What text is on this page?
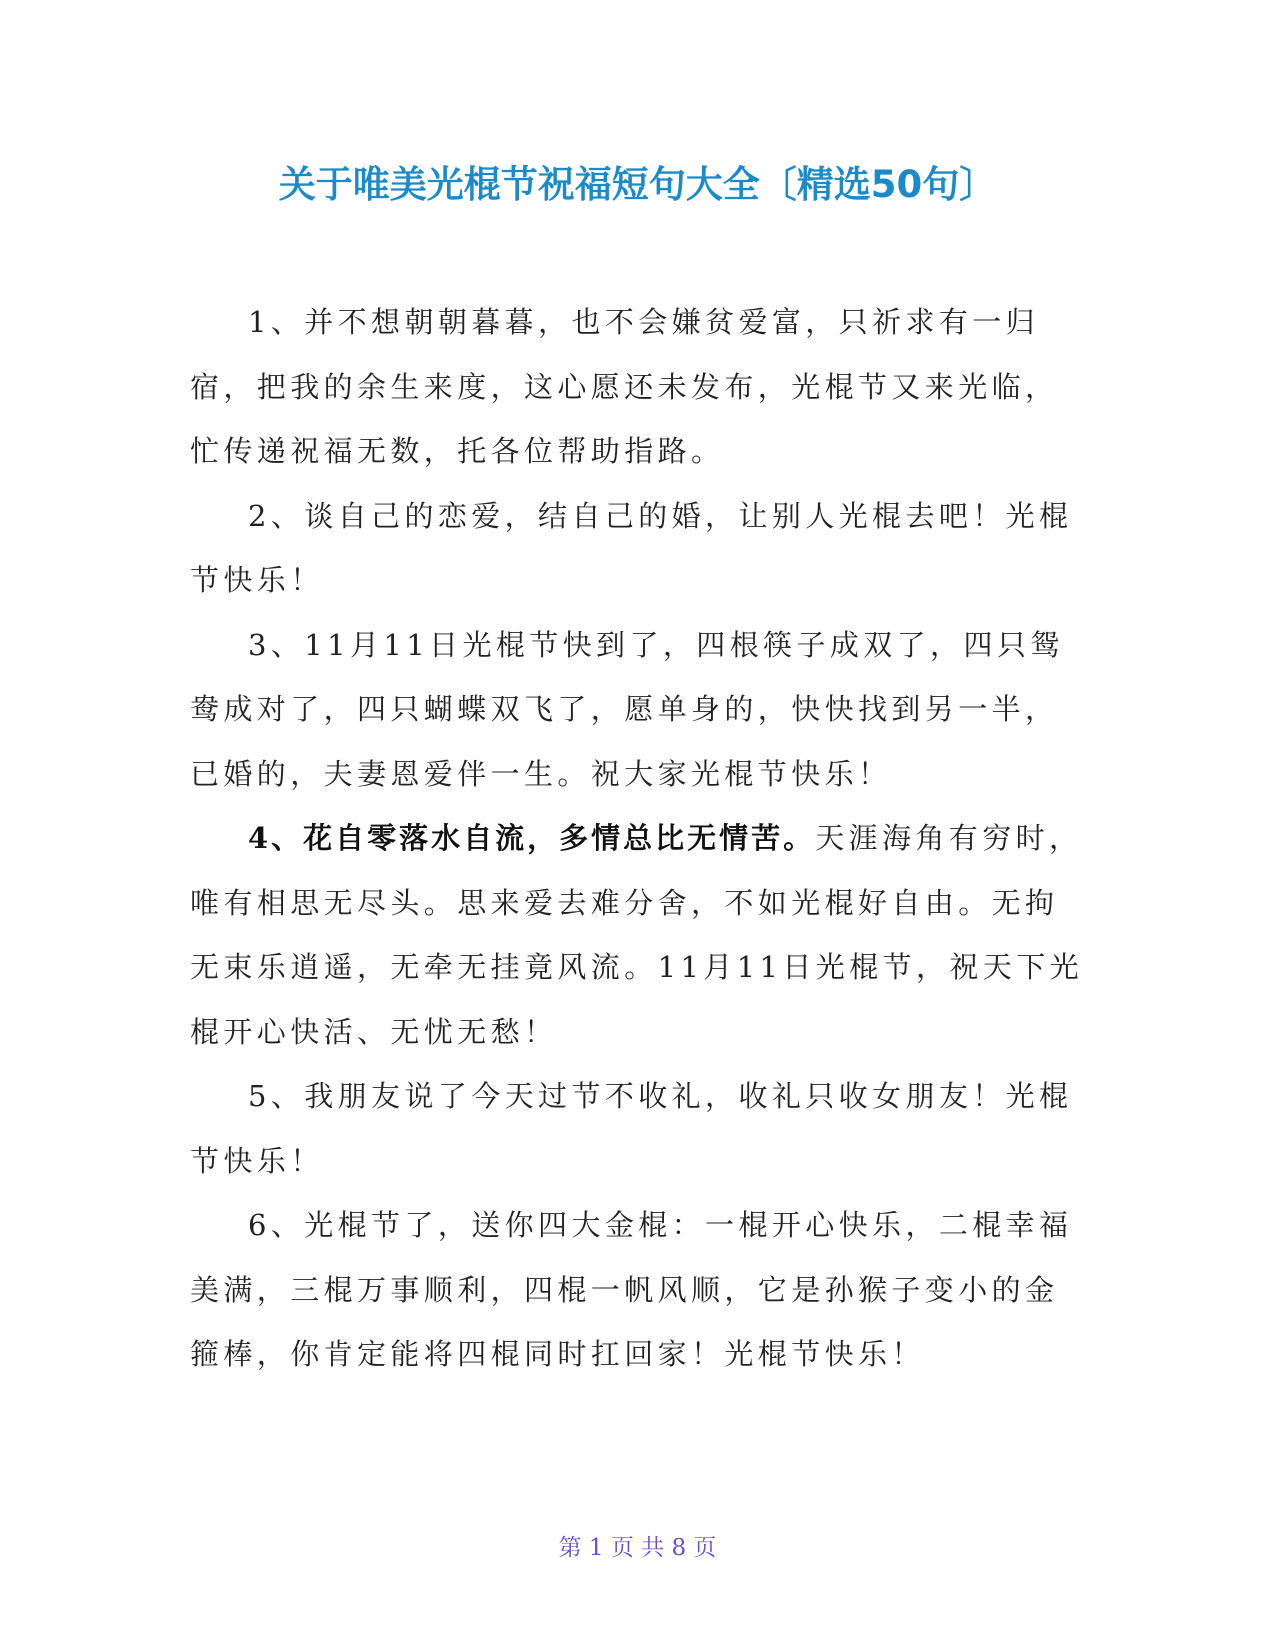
关于唯美光棍节祝福短句大全〔精选50句〕

1、并不想朝朝暮暮，也不会嫌贫爱富，只祈求有一归宿，把我的余生来度，这心愿还未发布，光棍节又来光临，忙传递祝福无数，托各位帮助指路。

2、谈自己的恋爱，结自己的婚，让别人光棍去吧！光棍节快乐！

3、11月11日光棍节快到了，四根筷子成双了，四只鸳鸯成对了，四只蝴蝶双飞了，愿单身的，快快找到另一半，已婚的，夫妻恩爱伴一生。祝大家光棍节快乐！

4、花自零落水自流，多情总比无情苦。天涯海角有穷时，唯有相思无尽头。思来爱去难分舍，不如光棍好自由。无拘无束乐逍遥，无牵无挂竟风流。11月11日光棍节，祝天下光棍开心快活、无忧无愁！

5、我朋友说了今天过节不收礼，收礼只收女朋友！光棍节快乐！

6、光棍节了，送你四大金棍：一棍开心快乐，二棍幸福美满，三棍万事顺利，四棍一帆风顺，它是孙猴子变小的金箍棒，你肯定能将四棍同时扛回家！光棍节快乐！

第 1 页 共 8 页
